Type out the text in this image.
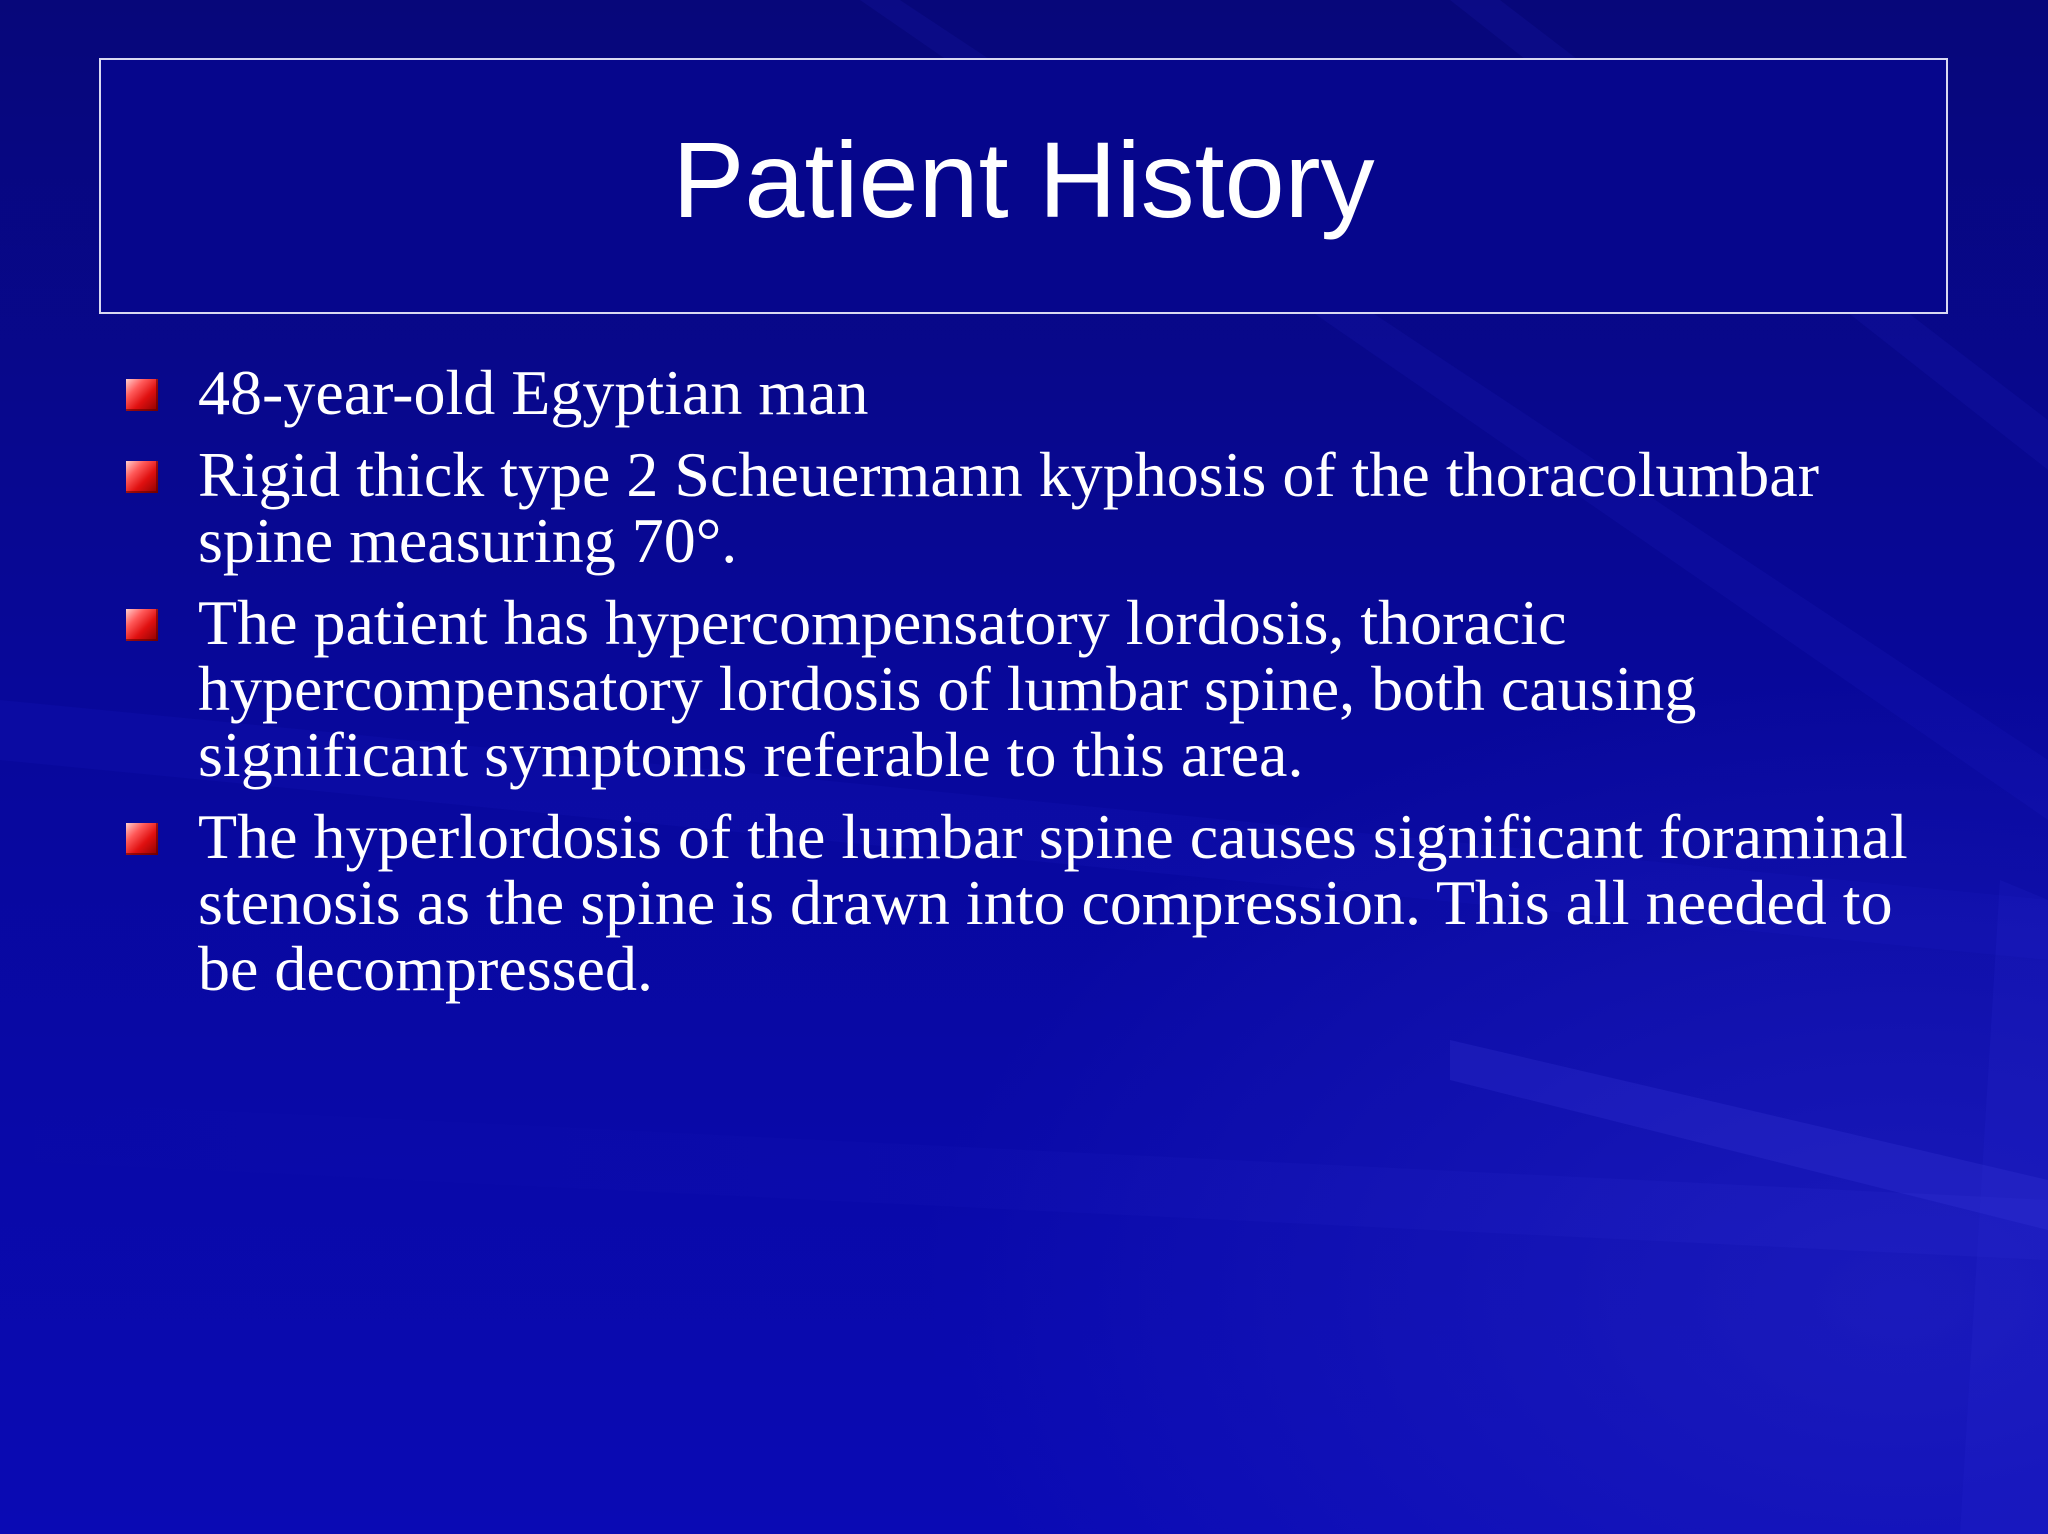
Patient History
48-year-old Egyptian man
Rigid thick type 2 Scheuermann kyphosis of the thoracolumbar spine measuring 70°.
The patient has hypercompensatory lordosis, thoracic hypercompensatory lordosis of lumbar spine, both causing significant symptoms referable to this area.
The hyperlordosis of the lumbar spine causes significant foraminal stenosis as the spine is drawn into compression. This all needed to be decompressed.
